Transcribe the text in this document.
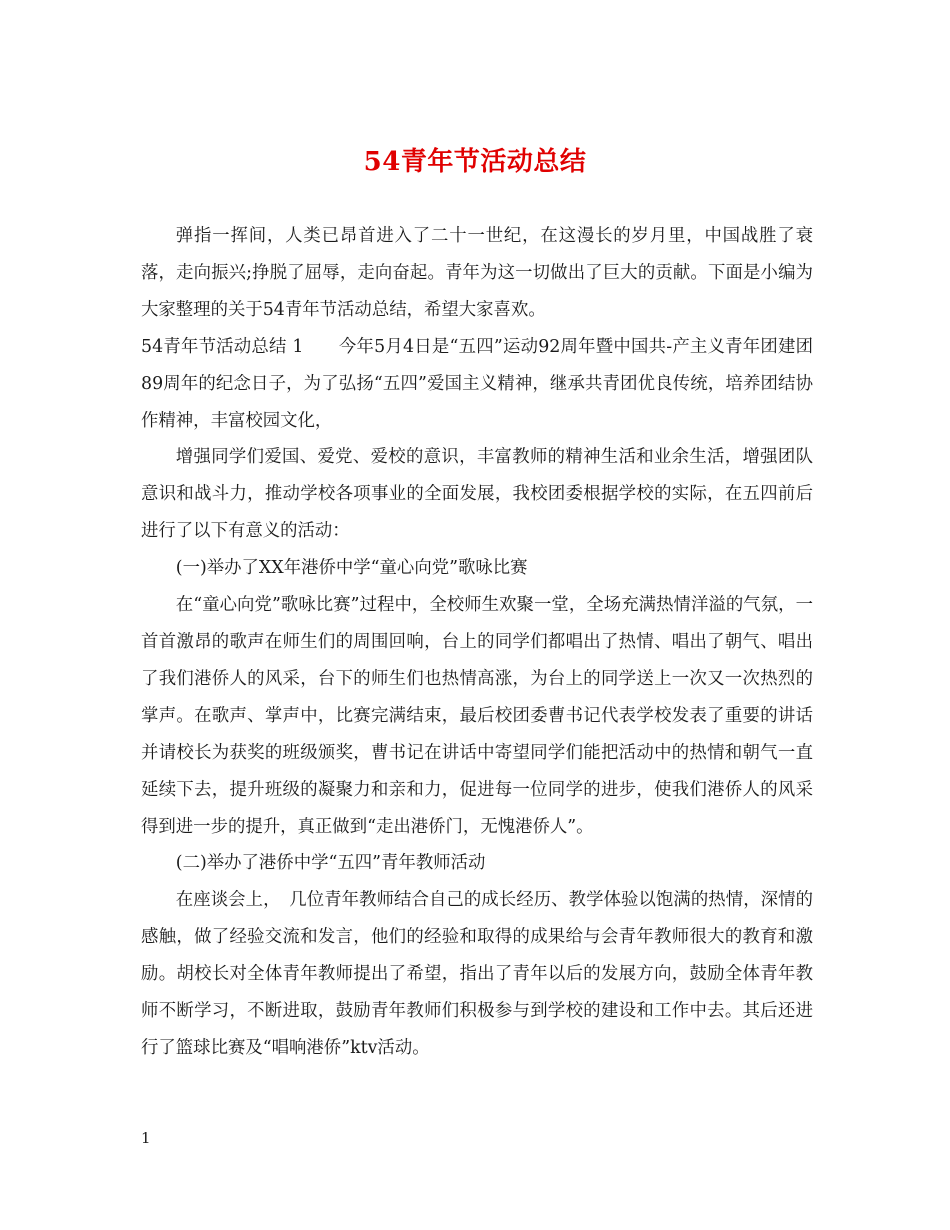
54青年节活动总结

弹指一挥间，人类已昂首进入了二十一世纪，在这漫长的岁月里，中国战胜了衰落，走向振兴;挣脱了屈辱，走向奋起。青年为这一切做出了巨大的贡献。下面是小编为大家整理的关于54青年节活动总结，希望大家喜欢。

54青年节活动总结 1　　今年5月4日是“五四”运动92周年暨中国共-产主义青年团建团89周年的纪念日子，为了弘扬“五四”爱国主义精神，继承共青团优良传统，培养团结协作精神，丰富校园文化，

增强同学们爱国、爱党、爱校的意识，丰富教师的精神生活和业余生活，增强团队意识和战斗力，推动学校各项事业的全面发展，我校团委根据学校的实际，在五四前后进行了以下有意义的活动：

(一)举办了XX年港侨中学“童心向党”歌咏比赛

在“童心向党”歌咏比赛”过程中，全校师生欢聚一堂，全场充满热情洋溢的气氛，一首首激昂的歌声在师生们的周围回响，台上的同学们都唱出了热情、唱出了朝气、唱出了我们港侨人的风采，台下的师生们也热情高涨，为台上的同学送上一次又一次热烈的掌声。在歌声、掌声中，比赛完满结束，最后校团委曹书记代表学校发表了重要的讲话并请校长为获奖的班级颁奖，曹书记在讲话中寄望同学们能把活动中的热情和朝气一直延续下去，提升班级的凝聚力和亲和力，促进每一位同学的进步，使我们港侨人的风采得到进一步的提升，真正做到“走出港侨门，无愧港侨人”。

(二)举办了港侨中学“五四”青年教师活动

在座谈会上，　几位青年教师结合自己的成长经历、教学体验以饱满的热情，深情的感触，做了经验交流和发言，他们的经验和取得的成果给与会青年教师很大的教育和激励。胡校长对全体青年教师提出了希望，指出了青年以后的发展方向，鼓励全体青年教师不断学习，不断进取，鼓励青年教师们积极参与到学校的建设和工作中去。其后还进行了篮球比赛及“唱响港侨”ktv活动。

1
